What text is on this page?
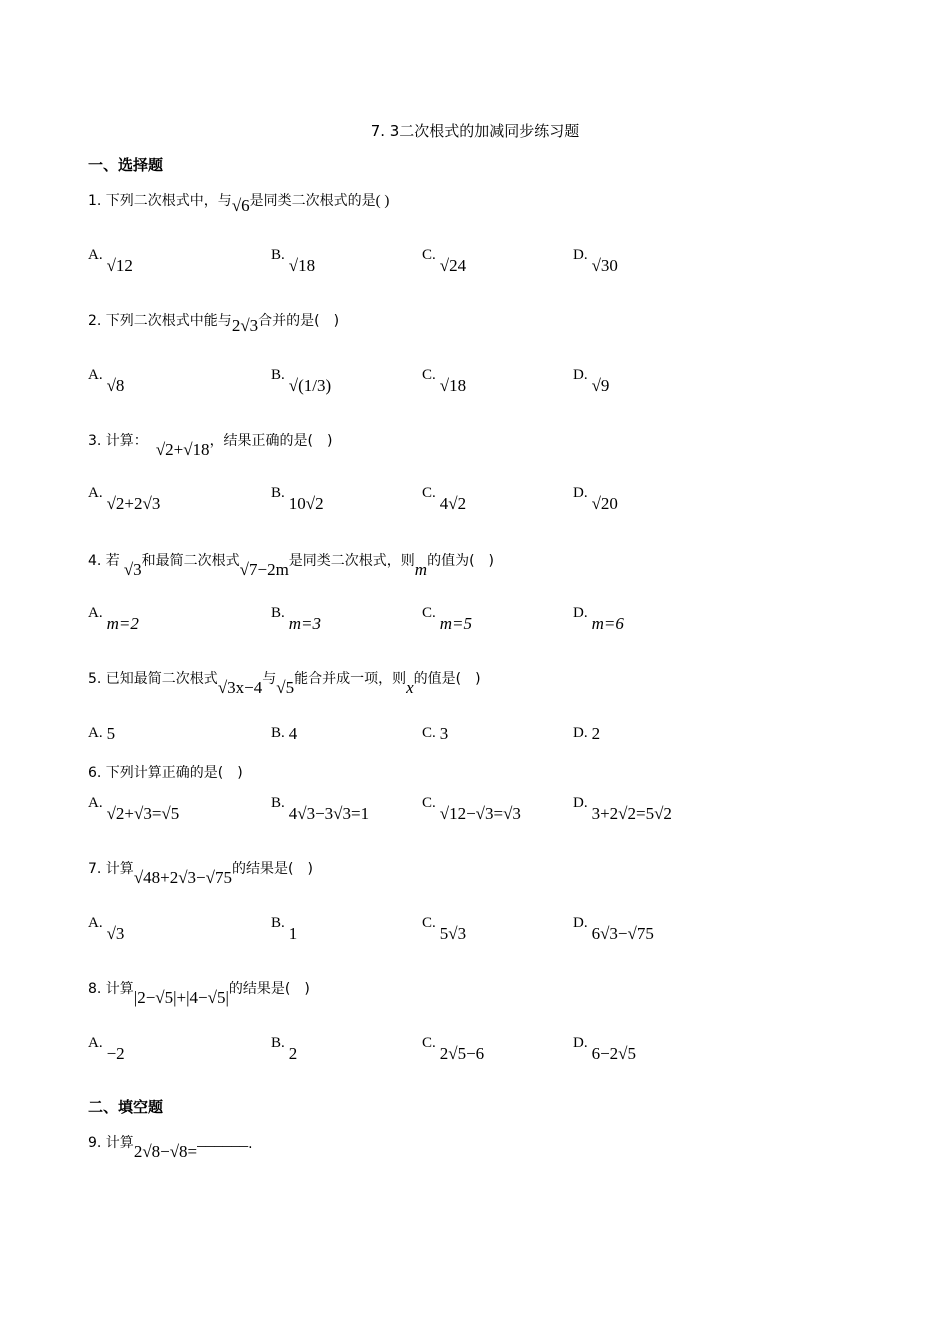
7. 3二次根式的加减同步练习题
一、选择题
1. 下列二次根式中，与 √6 是同类二次根式的是 ( )
A.
√12
B.
√18
C.
√24
D.
√30
2. 下列二次根式中能与 2√3 合并的是(　)
A.
√8
B.
√(1/3)
C.
√18
D.
√9
3. 计算： √2+√18 ，结果正确的是(　)
A.
√2+2√3
B.
10√2
C.
4√2
D.
√20
4. 若 √3 和最简二次根式 √7−2m 是同类二次根式，则 m 的值为(　)
A.
m=2
B.
m=3
C.
m=5
D.
m=6
5. 已知最简二次根式 √3x−4 与 √5 能合并成一项，则 x 的值是(　)
A. 5	B. 4	C. 3	D. 2
6. 下列计算正确的是(　)
A.
√2+√3=√5
B.
4√3−3√3=1
C.
√12−√3=√3
D.
3+2√2=5√2
7. 计算 √48+2√3−√75 的结果是(　)
A.
√3
B.
1
C.
5√3
D.
6√3−√75
8. 计算 |2−√5|+|4−√5| 的结果是(　)
A.
−2
B.
2
C.
2√5−6
D.
6−2√5
二、填空题
9. 计算 2√8−√8=
______ .
